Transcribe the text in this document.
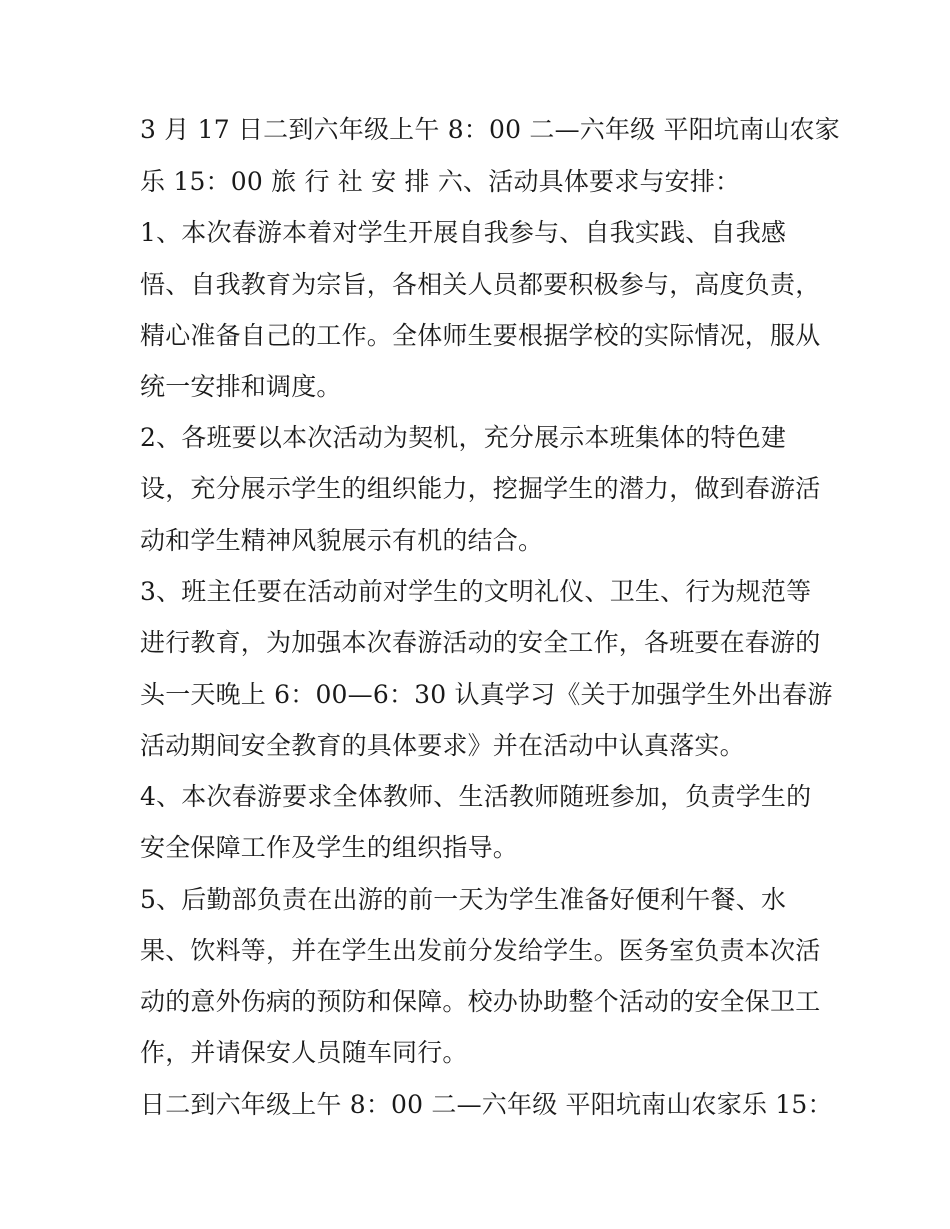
3 月 17 日二到六年级上午 8：00 二—六年级 平阳坑南山农家

乐 15：00 旅 行 社 安 排 六、活动具体要求与安排：

1、本次春游本着对学生开展自我参与、自我实践、自我感

悟、自我教育为宗旨，各相关人员都要积极参与，高度负责，

精心准备自己的工作。全体师生要根据学校的实际情况，服从

统一安排和调度。

2、各班要以本次活动为契机，充分展示本班集体的特色建

设，充分展示学生的组织能力，挖掘学生的潜力，做到春游活

动和学生精神风貌展示有机的结合。

3、班主任要在活动前对学生的文明礼仪、卫生、行为规范等

进行教育，为加强本次春游活动的安全工作，各班要在春游的

头一天晚上 6：00—6：30 认真学习《关于加强学生外出春游

活动期间安全教育的具体要求》并在活动中认真落实。

4、本次春游要求全体教师、生活教师随班参加，负责学生的

安全保障工作及学生的组织指导。

5、后勤部负责在出游的前一天为学生准备好便利午餐、水

果、饮料等，并在学生出发前分发给学生。医务室负责本次活

动的意外伤病的预防和保障。校办协助整个活动的安全保卫工

作，并请保安人员随车同行。

日二到六年级上午 8：00 二—六年级 平阳坑南山农家乐 15：
